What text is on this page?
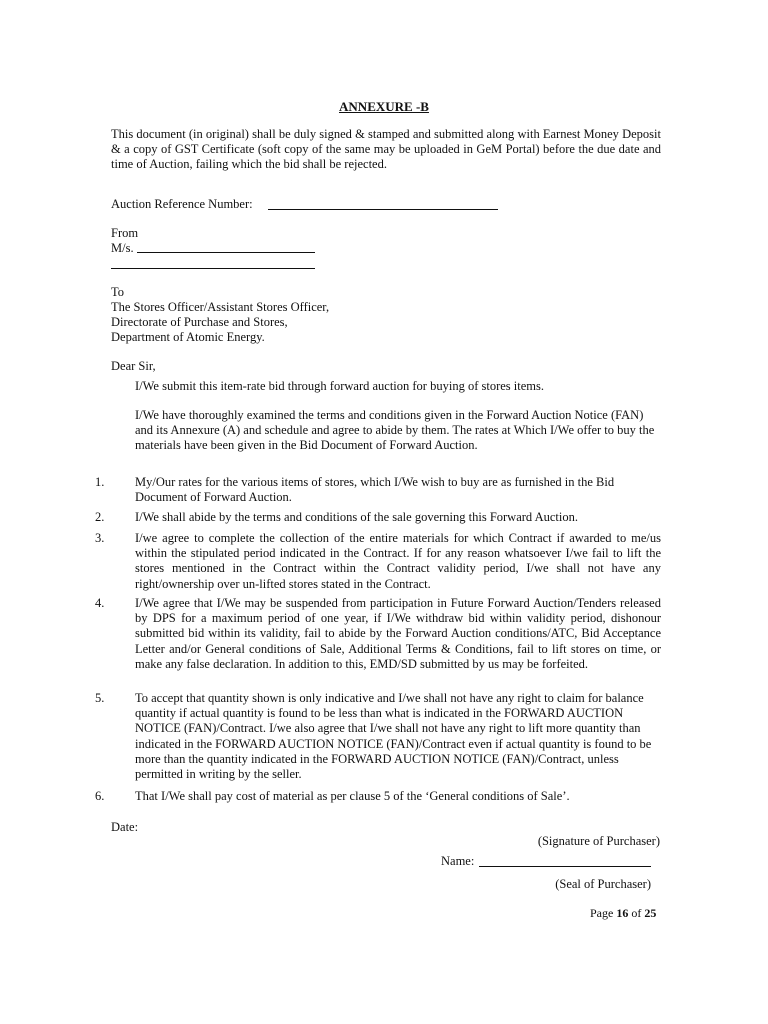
ANNEXURE -B
This document (in original) shall be duly signed & stamped and submitted along with Earnest Money Deposit & a copy of GST Certificate (soft copy of the same may be uploaded in GeM Portal) before the due date and time of Auction, failing which the bid shall be rejected.
Auction Reference Number:
From
M/s.
To
The Stores Officer/Assistant Stores Officer,
Directorate of Purchase and Stores,
Department of Atomic Energy.
Dear Sir,
I/We submit this item-rate bid through forward auction for buying of stores items.
I/We have thoroughly examined the terms and conditions given in the Forward Auction Notice (FAN) and its Annexure (A) and schedule and agree to abide by them. The rates at Which I/We offer to buy the materials have been given in the Bid Document of Forward Auction.
1. My/Our rates for the various items of stores, which I/We wish to buy are as furnished in the Bid Document of Forward Auction.
2. I/We shall abide by the terms and conditions of the sale governing this Forward Auction.
3. I/we agree to complete the collection of the entire materials for which Contract if awarded to me/us within the stipulated period indicated in the Contract. If for any reason whatsoever I/we fail to lift the stores mentioned in the Contract within the Contract validity period, I/we shall not have any right/ownership over un-lifted stores stated in the Contract.
4. I/We agree that I/We may be suspended from participation in Future Forward Auction/Tenders released by DPS for a maximum period of one year, if I/We withdraw bid within validity period, dishonour submitted bid within its validity, fail to abide by the Forward Auction conditions/ATC, Bid Acceptance Letter and/or General conditions of Sale, Additional Terms & Conditions, fail to lift stores on time, or make any false declaration. In addition to this, EMD/SD submitted by us may be forfeited.
5. To accept that quantity shown is only indicative and I/we shall not have any right to claim for balance quantity if actual quantity is found to be less than what is indicated in the FORWARD AUCTION NOTICE (FAN)/Contract. I/we also agree that I/we shall not have any right to lift more quantity than indicated in the FORWARD AUCTION NOTICE (FAN)/Contract even if actual quantity is found to be more than the quantity indicated in the FORWARD AUCTION NOTICE (FAN)/Contract, unless permitted in writing by the seller.
6. That I/We shall pay cost of material as per clause 5 of the ‘General conditions of Sale’.
Date:
(Signature of Purchaser)
Name:
(Seal of Purchaser)
Page 16 of 25
